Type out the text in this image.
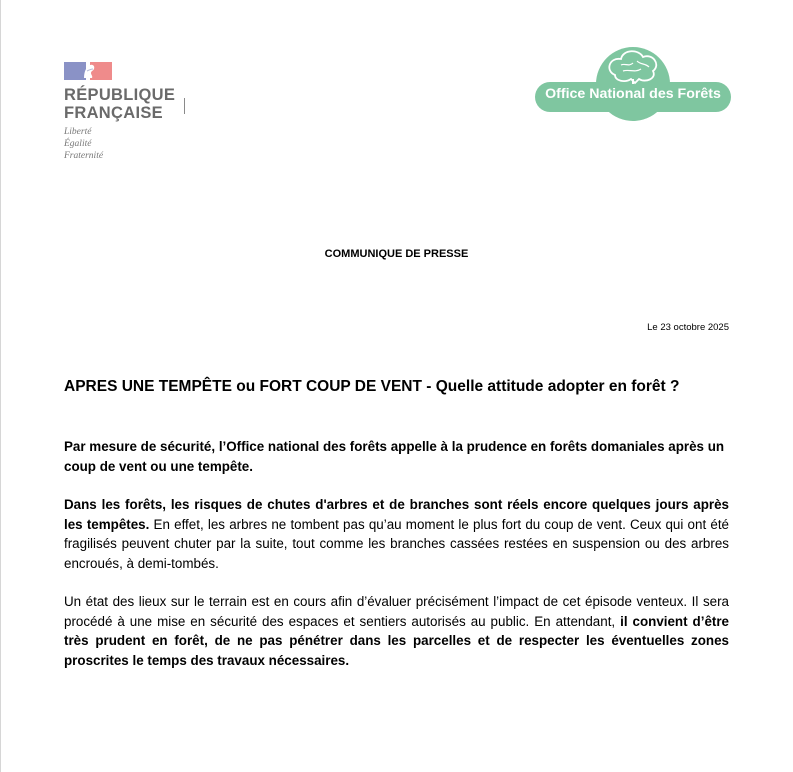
RÉPUBLIQUE
FRANÇAISE
Liberté
Égalité
Fraternité
Office National des Forêts
COMMUNIQUE DE PRESSE
Le 23 octobre 2025
APRES UNE TEMPÊTE ou FORT COUP DE VENT - Quelle attitude adopter en forêt ?

Par mesure de sécurité, l’Office national des forêts appelle à la prudence en forêts domaniales après un coup de vent ou une tempête.

Dans les forêts, les risques de chutes d'arbres et de branches sont réels encore quelques jours après les tempêtes. En effet, les arbres ne tombent pas qu’au moment le plus fort du coup de vent. Ceux qui ont été fragilisés peuvent chuter par la suite, tout comme les branches cassées restées en suspension ou des arbres encroués, à demi-tombés.

Un état des lieux sur le terrain est en cours afin d’évaluer précisément l’impact de cet épisode venteux. Il sera procédé à une mise en sécurité des espaces et sentiers autorisés au public. En attendant, il convient d’être très prudent en forêt, de ne pas pénétrer dans les parcelles et de respecter les éventuelles zones proscrites le temps des travaux nécessaires.
